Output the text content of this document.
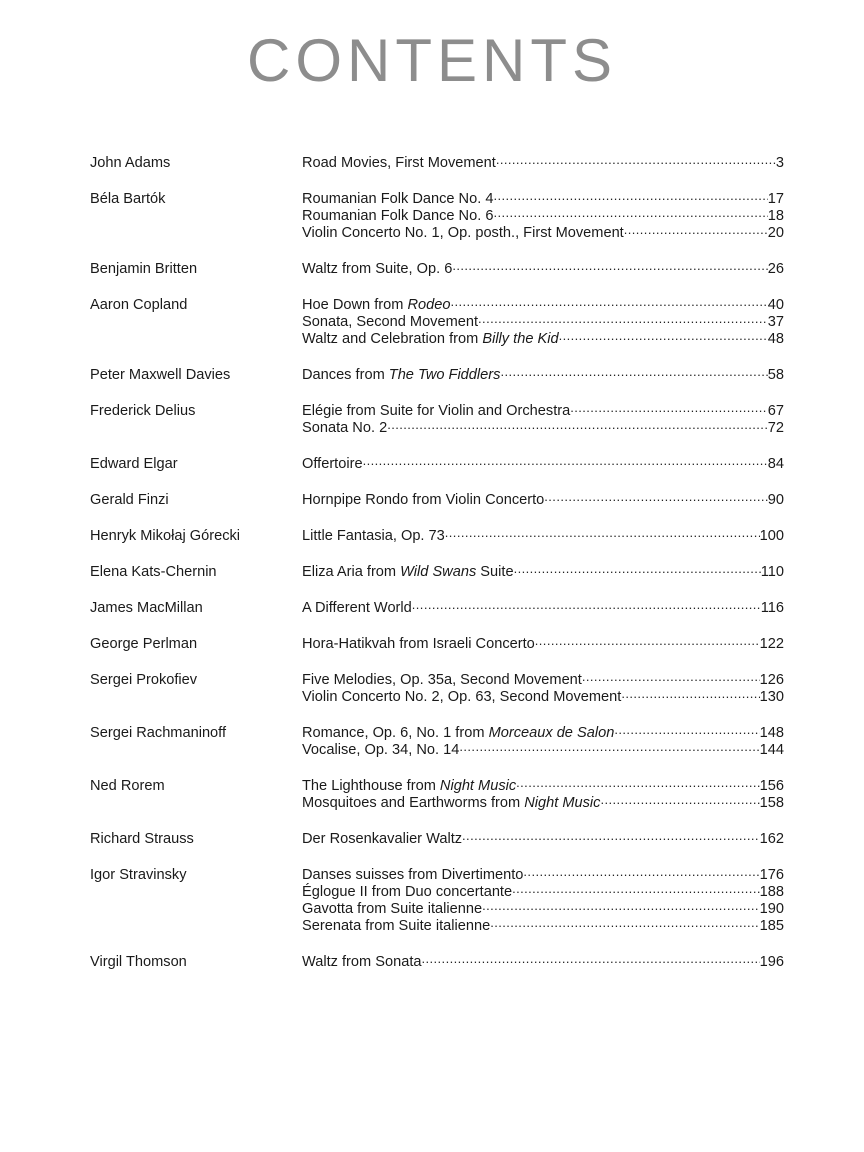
CONTENTS
John Adams	Road Movies, First Movement .....	3
Béla Bartók	Roumanian Folk Dance No. 4 .....	17
Roumanian Folk Dance No. 6 .....	18
Violin Concerto No. 1, Op. posth., First Movement .....	20
Benjamin Britten	Waltz from Suite, Op. 6 .....	26
Aaron Copland	Hoe Down from Rodeo .....	40
Sonata, Second Movement .....	37
Waltz and Celebration from Billy the Kid .....	48
Peter Maxwell Davies	Dances from The Two Fiddlers .....	58
Frederick Delius	Elégie from Suite for Violin and Orchestra .....	67
Sonata No. 2 .....	72
Edward Elgar	Offertoire .....	84
Gerald Finzi	Hornpipe Rondo from Violin Concerto .....	90
Henryk Mikołaj Górecki	Little Fantasia, Op. 73 .....	100
Elena Kats-Chernin	Eliza Aria from Wild Swans Suite .....	110
James MacMillan	A Different World .....	116
George Perlman	Hora-Hatikvah from Israeli Concerto .....	122
Sergei Prokofiev	Five Melodies, Op. 35a, Second Movement .....	126
Violin Concerto No. 2, Op. 63, Second Movement .....	130
Sergei Rachmaninoff	Romance, Op. 6, No. 1 from Morceaux de Salon .....	148
Vocalise, Op. 34, No. 14 .....	144
Ned Rorem	The Lighthouse from Night Music .....	156
Mosquitoes and Earthworms from Night Music .....	158
Richard Strauss	Der Rosenkavalier Waltz .....	162
Igor Stravinsky	Danses suisses from Divertimento .....	176
Églogue II from Duo concertante .....	188
Gavotta from Suite italienne .....	190
Serenata from Suite italienne .....	185
Virgil Thomson	Waltz from Sonata .....	196
